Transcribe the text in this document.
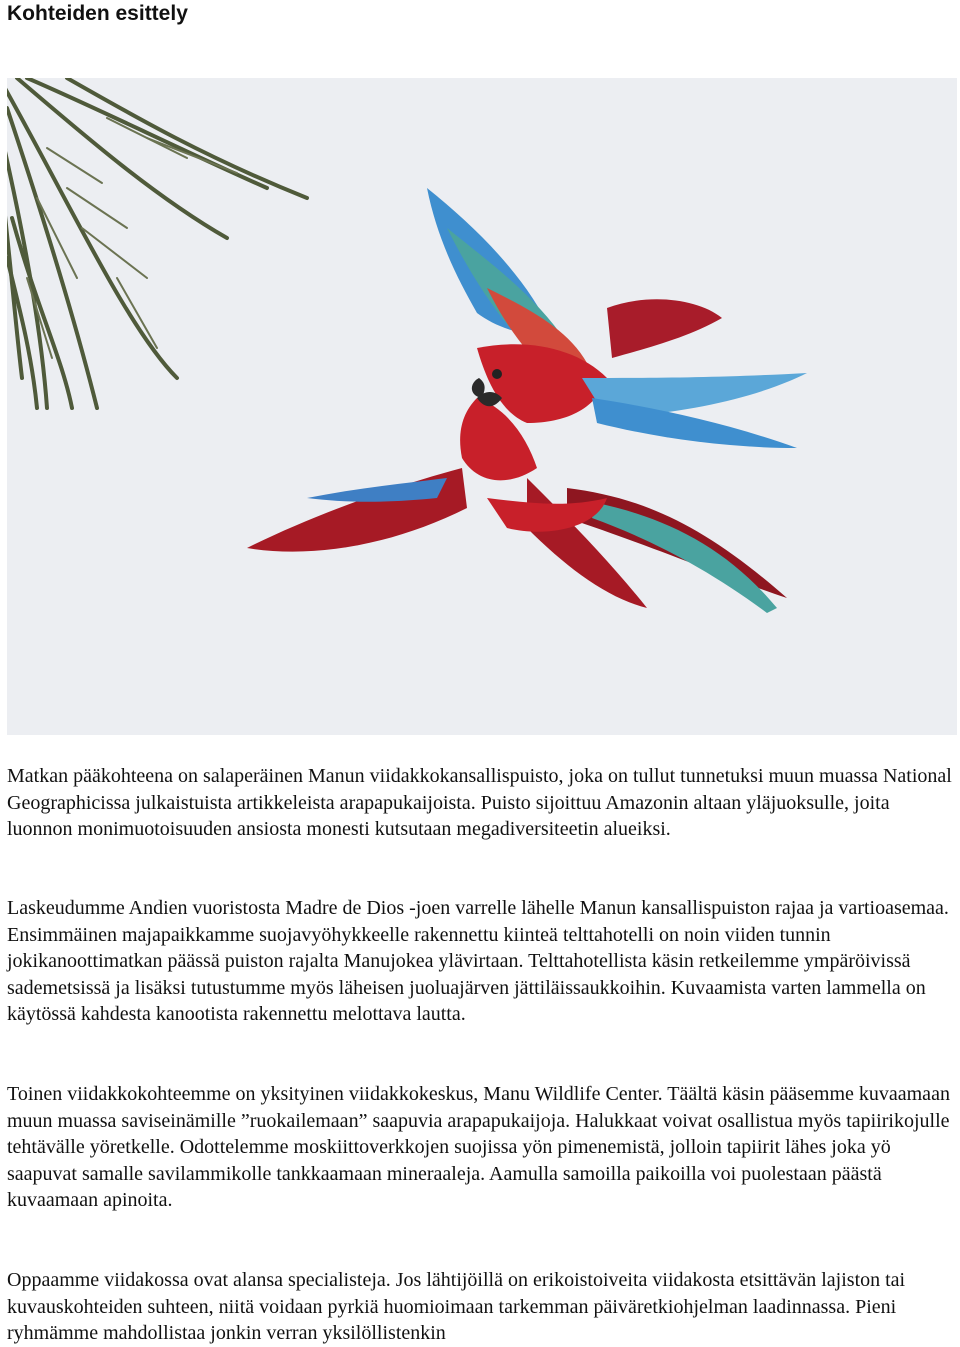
Kohteiden esittely

Matkan pääkohteena on salaperäinen Manun viidakkokansallispuisto, joka on tullut tunnetuksi muun muassa National Geographicissa julkaistuista artikkeleista arapapukaijoista. Puisto sijoittuu Amazonin altaan yläjuoksulle, joita luonnon monimuotoisuuden ansiosta monesti kutsutaan megadiversiteetin alueiksi.

Laskeudumme Andien vuoristosta Madre de Dios -joen varrelle lähelle Manun kansallispuiston rajaa ja vartioasemaa. Ensimmäinen majapaikkamme suojavyöhykkeelle rakennettu kiinteä telttahotelli on noin viiden tunnin jokikanoottimatkan päässä puiston rajalta Manujokea ylävirtaan. Telttahotellista käsin retkeilemme ympäröivissä sademetsissä ja lisäksi tutustumme myös läheisen juoluajärven jättiläissaukkoihin. Kuvaamista varten lammella on käytössä kahdesta kanootista rakennettu melottava lautta.

Toinen viidakkokohteemme on yksityinen viidakkokeskus, Manu Wildlife Center. Täältä käsin pääsemme kuvaamaan muun muassa saviseinämille ”ruokailemaan” saapuvia arapapukaijoja. Halukkaat voivat osallistua myös tapiirikojulle tehtävälle yöretkelle. Odottelemme moskiittoverkkojen suojissa yön pimenemistä, jolloin tapiirit lähes joka yö saapuvat samalle savilammikolle tankkaamaan mineraaleja. Aamulla samoilla paikoilla voi puolestaan päästä kuvaamaan apinoita.

Oppaamme viidakossa ovat alansa specialisteja. Jos lähtijöillä on erikoistoiveita viidakosta etsittävän lajiston tai kuvauskohteiden suhteen, niitä voidaan pyrkiä huomioimaan tarkemman päiväretkiohjelman laadinnassa. Pieni ryhmämme mahdollistaa jonkin verran yksilöllistenkin
